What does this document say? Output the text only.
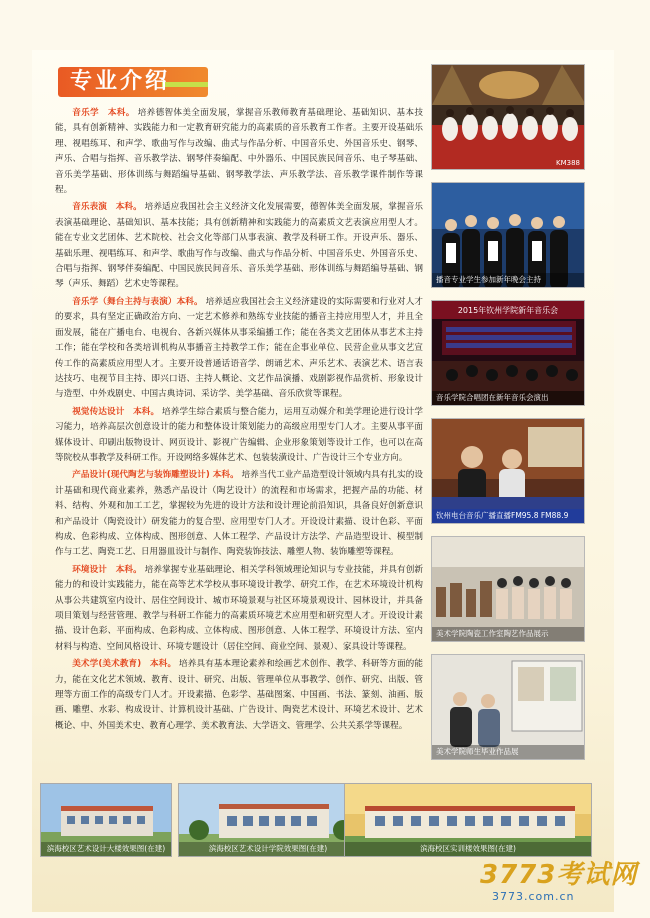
专业介绍

音乐学　本科。 培养德智体美全面发展，掌握音乐教师教育基础理论、基础知识、基本技能，具有创新精神、实践能力和一定教育研究能力的高素质的音乐教育工作者。主要开设基础乐理、视唱练耳、和声学、歌曲写作与改编、曲式与作品分析、中国音乐史、外国音乐史、钢琴、声乐、合唱与指挥、音乐教学法、钢琴伴奏编配、中外器乐、中国民族民间音乐、电子琴基础、音乐美学基础、形体训练与舞蹈编导基础、钢琴教学法、声乐教学法、音乐教学课件制作等课程。

音乐表演　本科。 培养适应我国社会主义经济文化发展需要，德智体美全面发展，掌握音乐表演基础理论、基础知识、基本技能；具有创新精神和实践能力的高素质文艺表演应用型人才。能在专业文艺团体、艺术院校、社会文化等部门从事表演、教学及科研工作。开设声乐、器乐、基础乐理、视唱练耳、和声学、歌曲写作与改编、曲式与作品分析、中国音乐史、外国音乐史、合唱与指挥、钢琴伴奏编配、中国民族民间音乐、音乐美学基础、形体训练与舞蹈编导基础、钢琴（声乐、舞蹈）艺术史等课程。

音乐学（舞台主持与表演）本科。 培养适应我国社会主义经济建设的实际需要和行业对人才的要求，具有坚定正确政治方向、一定艺术修养和熟练专业技能的播音主持应用型人才，并且全面发展，能在广播电台、电视台、各新兴媒体从事采编播工作；能在各类文艺团体从事艺术主持工作；能在学校和各类培训机构从事播音主持教学工作；能在企事业单位、民营企业从事文艺宣传工作的高素质应用型人才。主要开设普通话语音学、朗诵艺术、声乐艺术、表演艺术、语言表达技巧、电视节目主持、即兴口语、主持人概论、文艺作品演播、戏剧影视作品赏析、形象设计与造型、中外戏剧史、中国古典诗词、采访学、美学基础、音乐欣赏等课程。

视觉传达设计　本科。 培养学生综合素质与整合能力，运用互动媒介和美学理论进行设计学习能力，培养高层次创意设计的能力和整体设计策划能力的高级应用型专门人才。主要从事平面媒体设计、印刷出版物设计、网页设计、影视广告编辑、企业形象策划等设计工作，也可以在高等院校从事教学及科研工作。开设网络多媒体艺术、包装装潢设计、广告设计三个专业方向。

产品设计(现代陶艺与装饰雕塑设计) 本科。 培养当代工业产品造型设计领域内具有扎实的设计基础和现代商业素养，熟悉产品设计（陶艺设计）的流程和市场需求，把握产品的功能、材料、结构、外观和加工工艺，掌握较为先进的设计方法和设计理论前沿知识，具备良好创新意识和产品设计（陶瓷设计）研发能力的复合型、应用型专门人才。开设设计素描、设计色彩、平面构成、色彩构成、立体构成、图形创意、人体工程学、产品设计方法学、产品造型设计、模型制作与工艺、陶瓷工艺、日用器皿设计与制作、陶瓷装饰技法、雕塑人物、装饰雕塑等课程。

环境设计　本科。 培养掌握专业基础理论、相关学科领域理论知识与专业技能，并具有创新能力的和设计实践能力，能在高等艺术学校从事环境设计教学、研究工作，在艺术环境设计机构从事公共建筑室内设计、居住空间设计、城市环境景观与社区环境景观设计、园林设计，并具备项目策划与经营管理、教学与科研工作能力的高素质环境艺术应用型和研究型人才。开设设计素描、设计色彩、平面构成、色彩构成、立体构成、图形创意、人体工程学、环境设计方法、室内材料与构造、空间风格设计、环境专题设计（居住空间、商业空间、景观）、家具设计等课程。

美术学(美术教育)　本科。 培养具有基本理论素养和绘画艺术创作、教学、科研等方面的能力，能在文化艺术领域、教育、设计、研究、出版、管理单位从事教学、创作、研究、出版、管理等方面工作的高级专门人才。开设素描、色彩学、基础图案、中国画、书法、篆刻、油画、版画、雕塑、水彩、构成设计、计算机设计基础、广告设计、陶瓷艺术设计、环境艺术设计、艺术概论、中、外国美术史、教育心理学、美术教育法、大学语文、管理学、公共关系学等课程。

KM388
播音专业学生参加新年晚会主持
2015年钦州学院新年音乐会
音乐学院合唱团在新年音乐会演出
钦州电台音乐广播直播FM95.8 FM88.9
美术学院陶瓷工作室陶艺作品展示
美术学院师生毕业作品展
滨海校区艺术设计大楼效果图(在建)	滨海校区艺术设计学院效果图(在建)	滨海校区实训楼效果图(在建)
3773考试网
3773.com.cn
